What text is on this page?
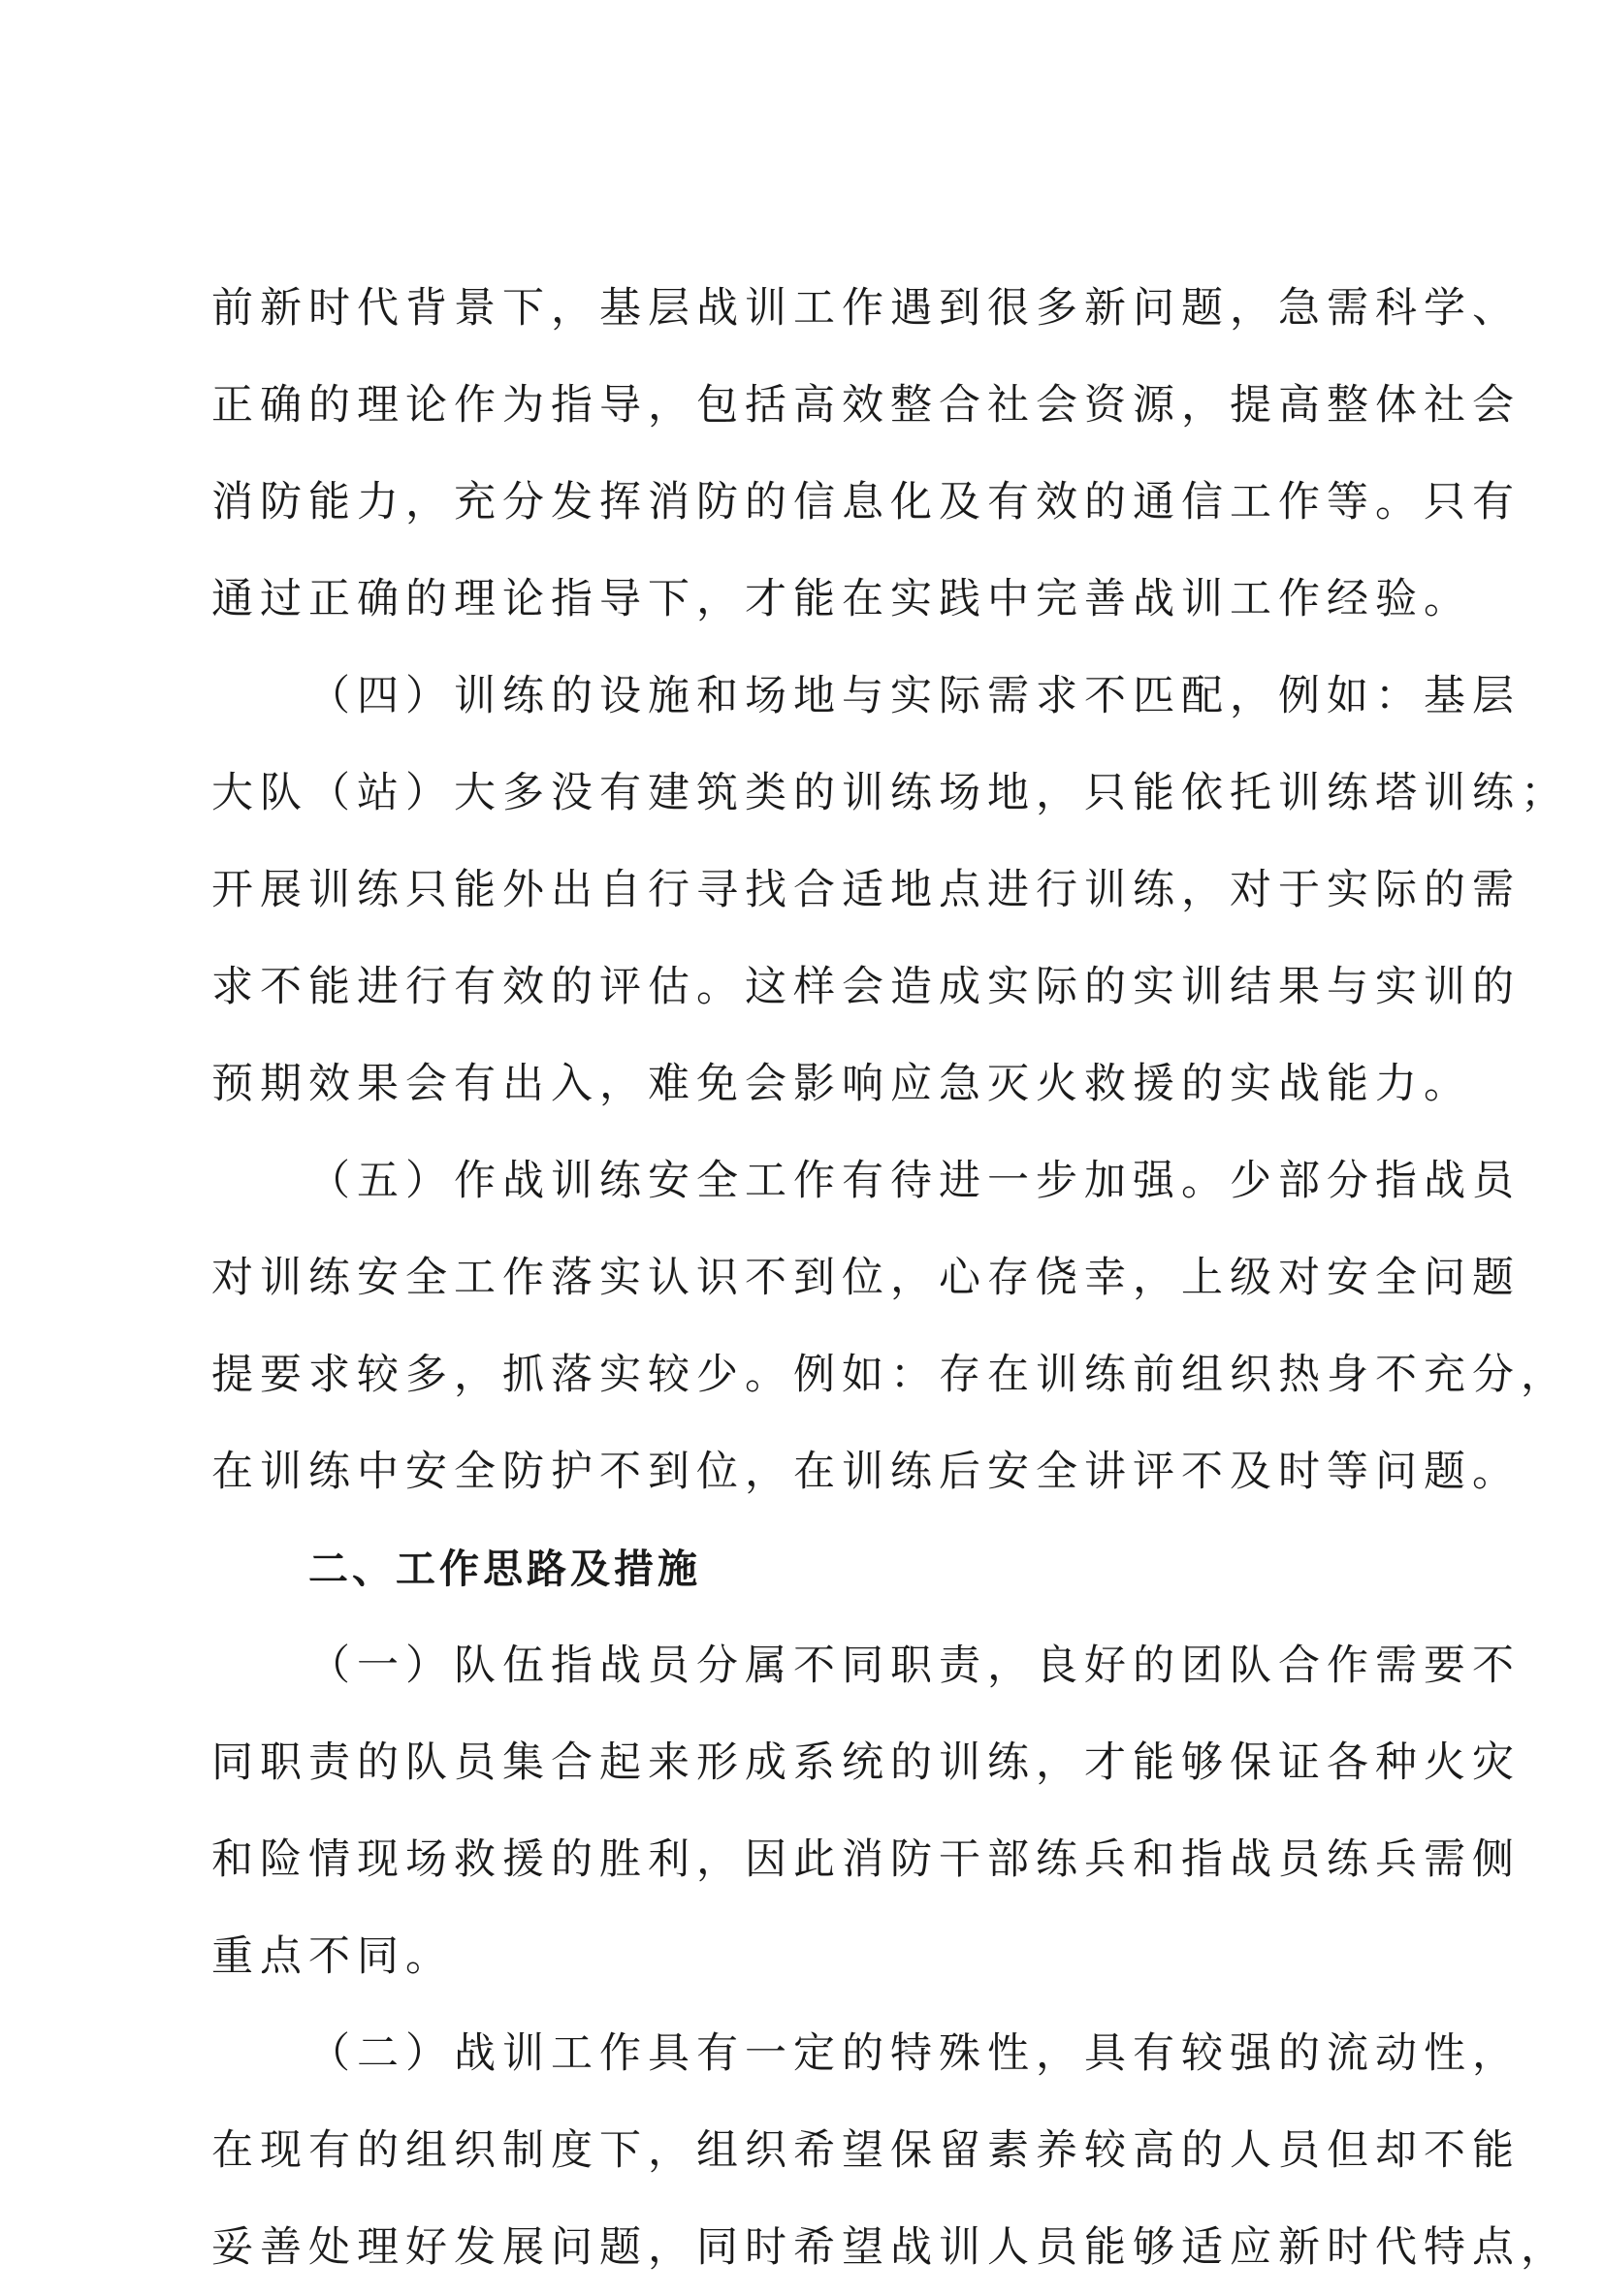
前新时代背景下，基层战训工作遇到很多新问题，急需科学、
正确的理论作为指导，包括高效整合社会资源，提高整体社会
消防能力，充分发挥消防的信息化及有效的通信工作等。只有
通过正确的理论指导下，才能在实践中完善战训工作经验。
（四）训练的设施和场地与实际需求不匹配，例如：基层
大队（站）大多没有建筑类的训练场地，只能依托训练塔训练；
开展训练只能外出自行寻找合适地点进行训练，对于实际的需
求不能进行有效的评估。这样会造成实际的实训结果与实训的
预期效果会有出入，难免会影响应急灭火救援的实战能力。
（五）作战训练安全工作有待进一步加强。少部分指战员
对训练安全工作落实认识不到位，心存侥幸，上级对安全问题
提要求较多，抓落实较少。例如：存在训练前组织热身不充分，
在训练中安全防护不到位，在训练后安全讲评不及时等问题。
二、工作思路及措施
（一）队伍指战员分属不同职责，良好的团队合作需要不
同职责的队员集合起来形成系统的训练，才能够保证各种火灾
和险情现场救援的胜利，因此消防干部练兵和指战员练兵需侧
重点不同。
（二）战训工作具有一定的特殊性，具有较强的流动性，
在现有的组织制度下，组织希望保留素养较高的人员但却不能
妥善处理好发展问题，同时希望战训人员能够适应新时代特点，
